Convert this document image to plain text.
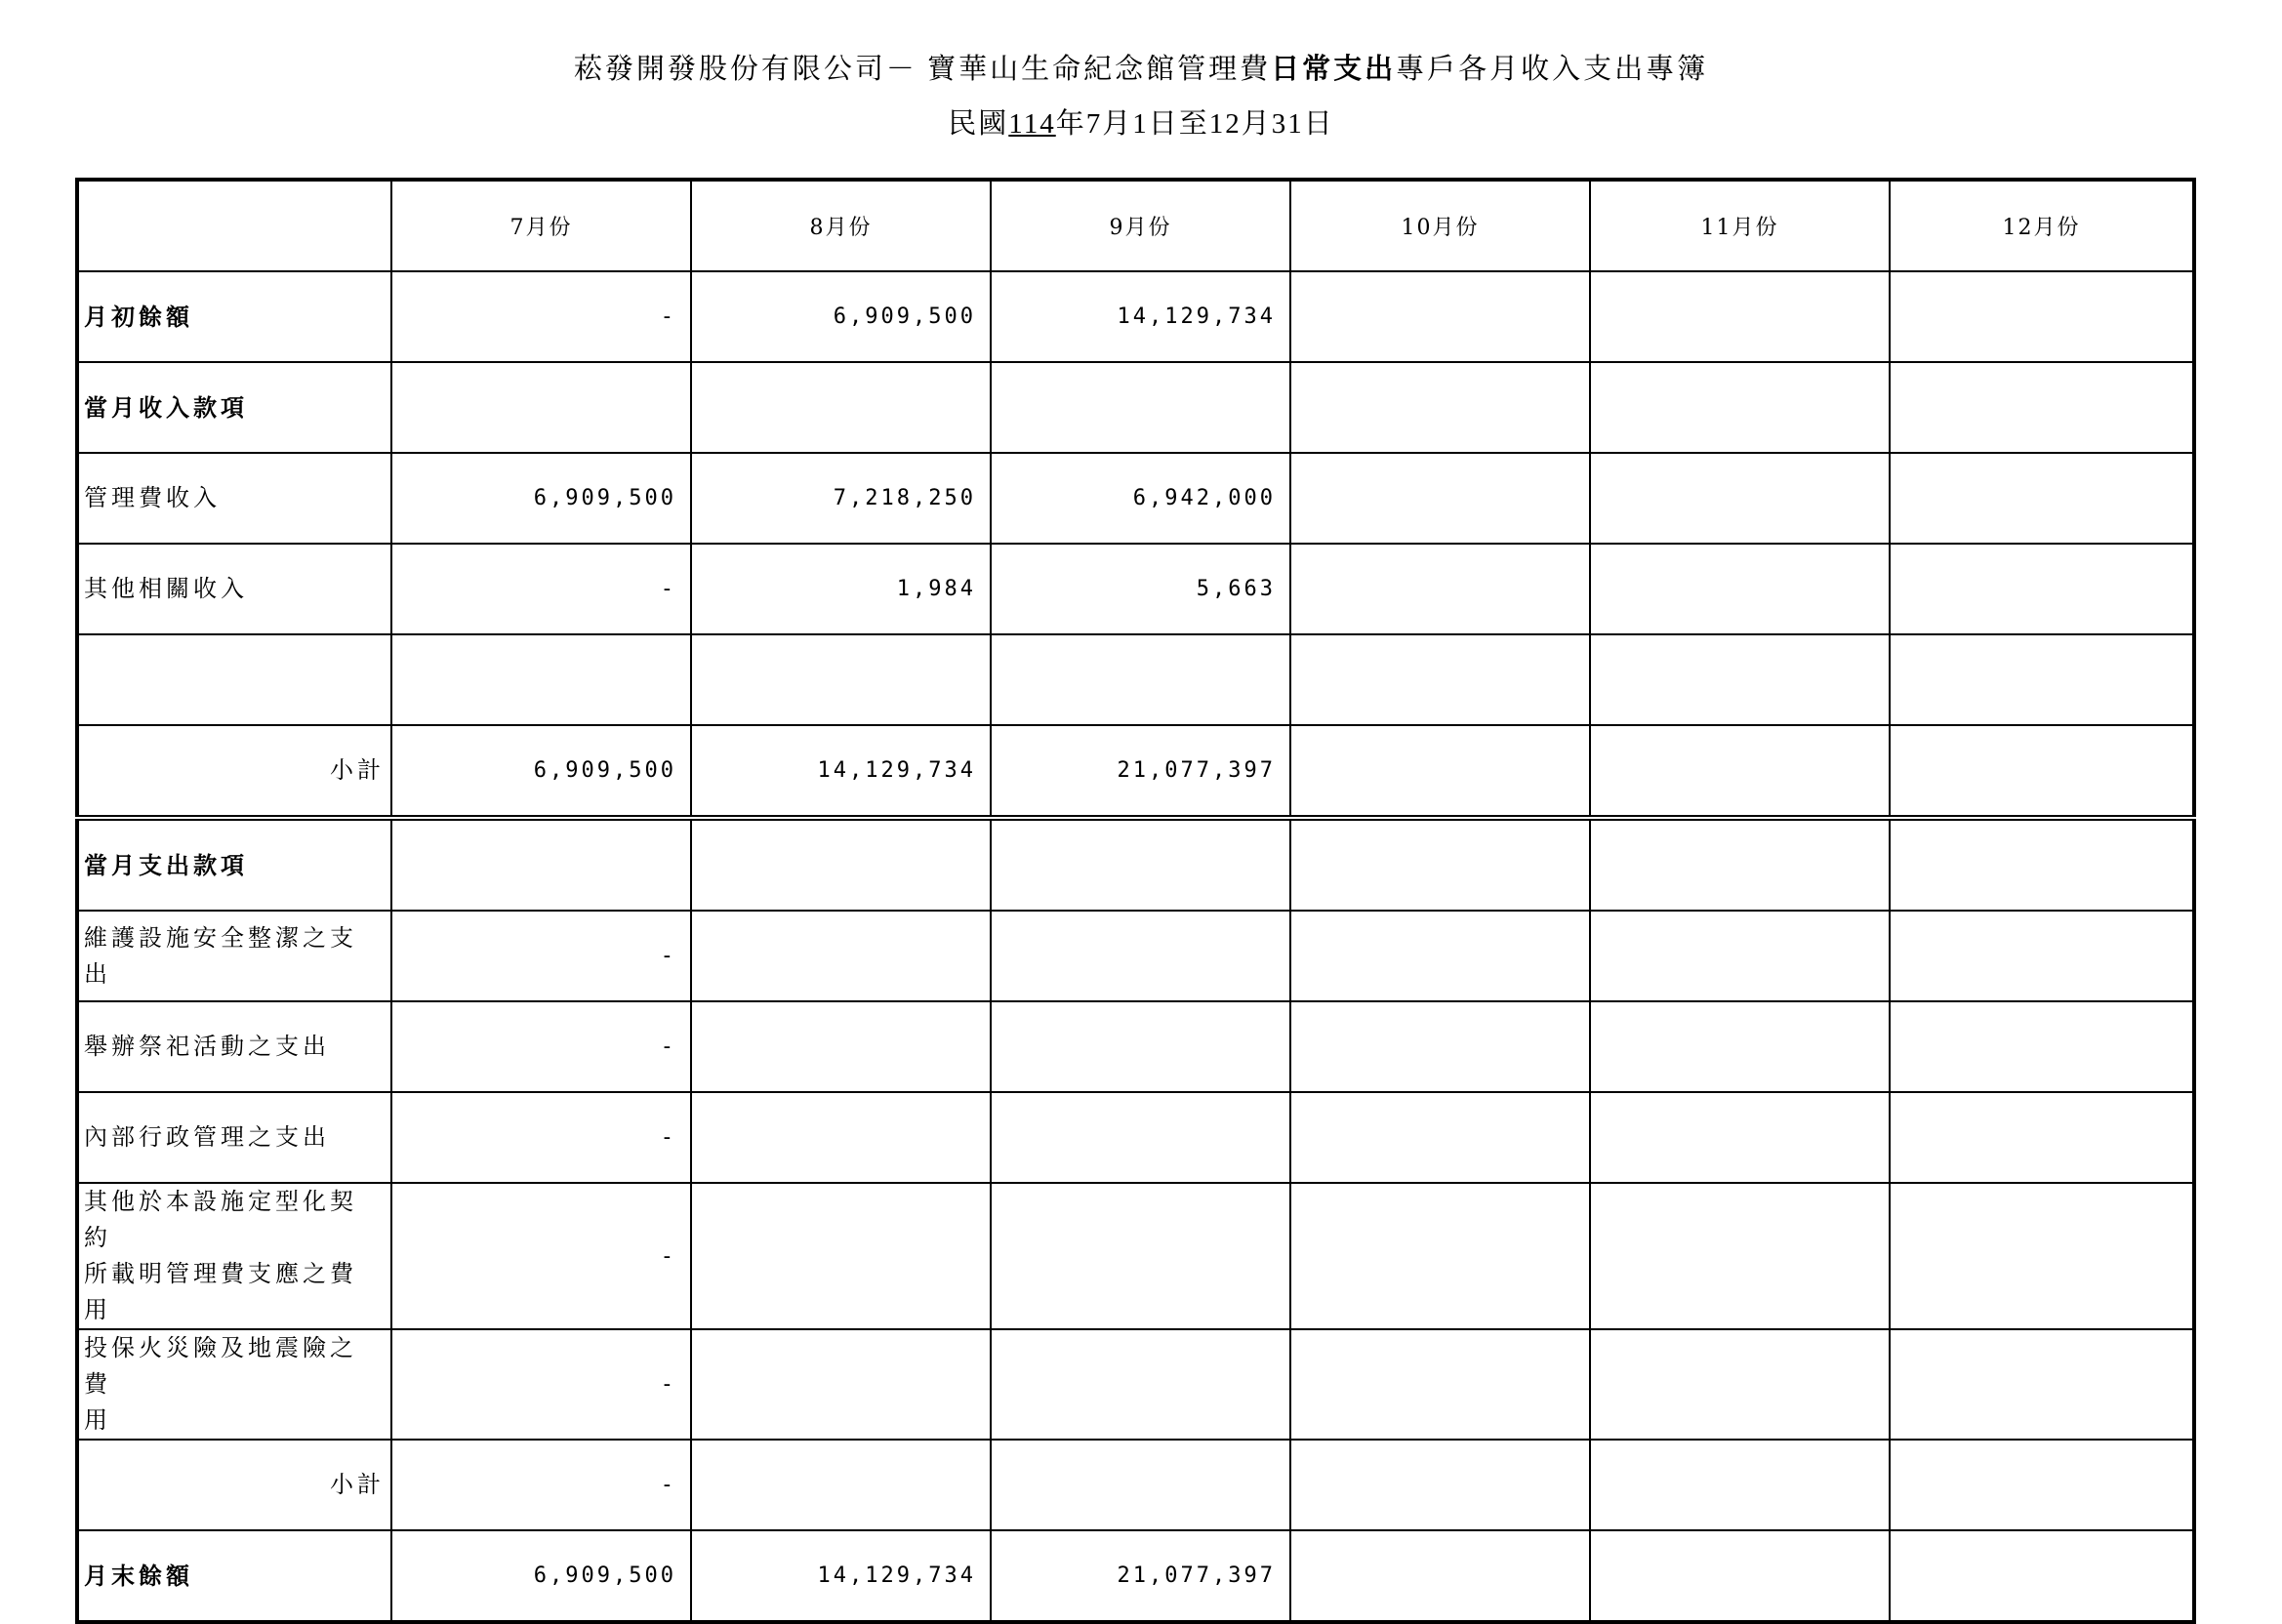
菘發開發股份有限公司－ 寶華山生命紀念館管理費日常支出專戶各月收入支出專簿
民國114年7月1日至12月31日
	7月份	8月份	9月份	10月份	11月份	12月份
月初餘額	-	6,909,500	14,129,734			
當月收入款項						
管理費收入	6,909,500	7,218,250	6,942,000			
其他相關收入	-	1,984	5,663			

小計	6,909,500	14,129,734	21,077,397			
當月支出款項						
維護設施安全整潔之支出	-					
舉辦祭祀活動之支出	-					
內部行政管理之支出	-					
其他於本設施定型化契約
所載明管理費支應之費用	-					
投保火災險及地震險之費
用	-					
小計	-					
月末餘額	6,909,500	14,129,734	21,077,397			
